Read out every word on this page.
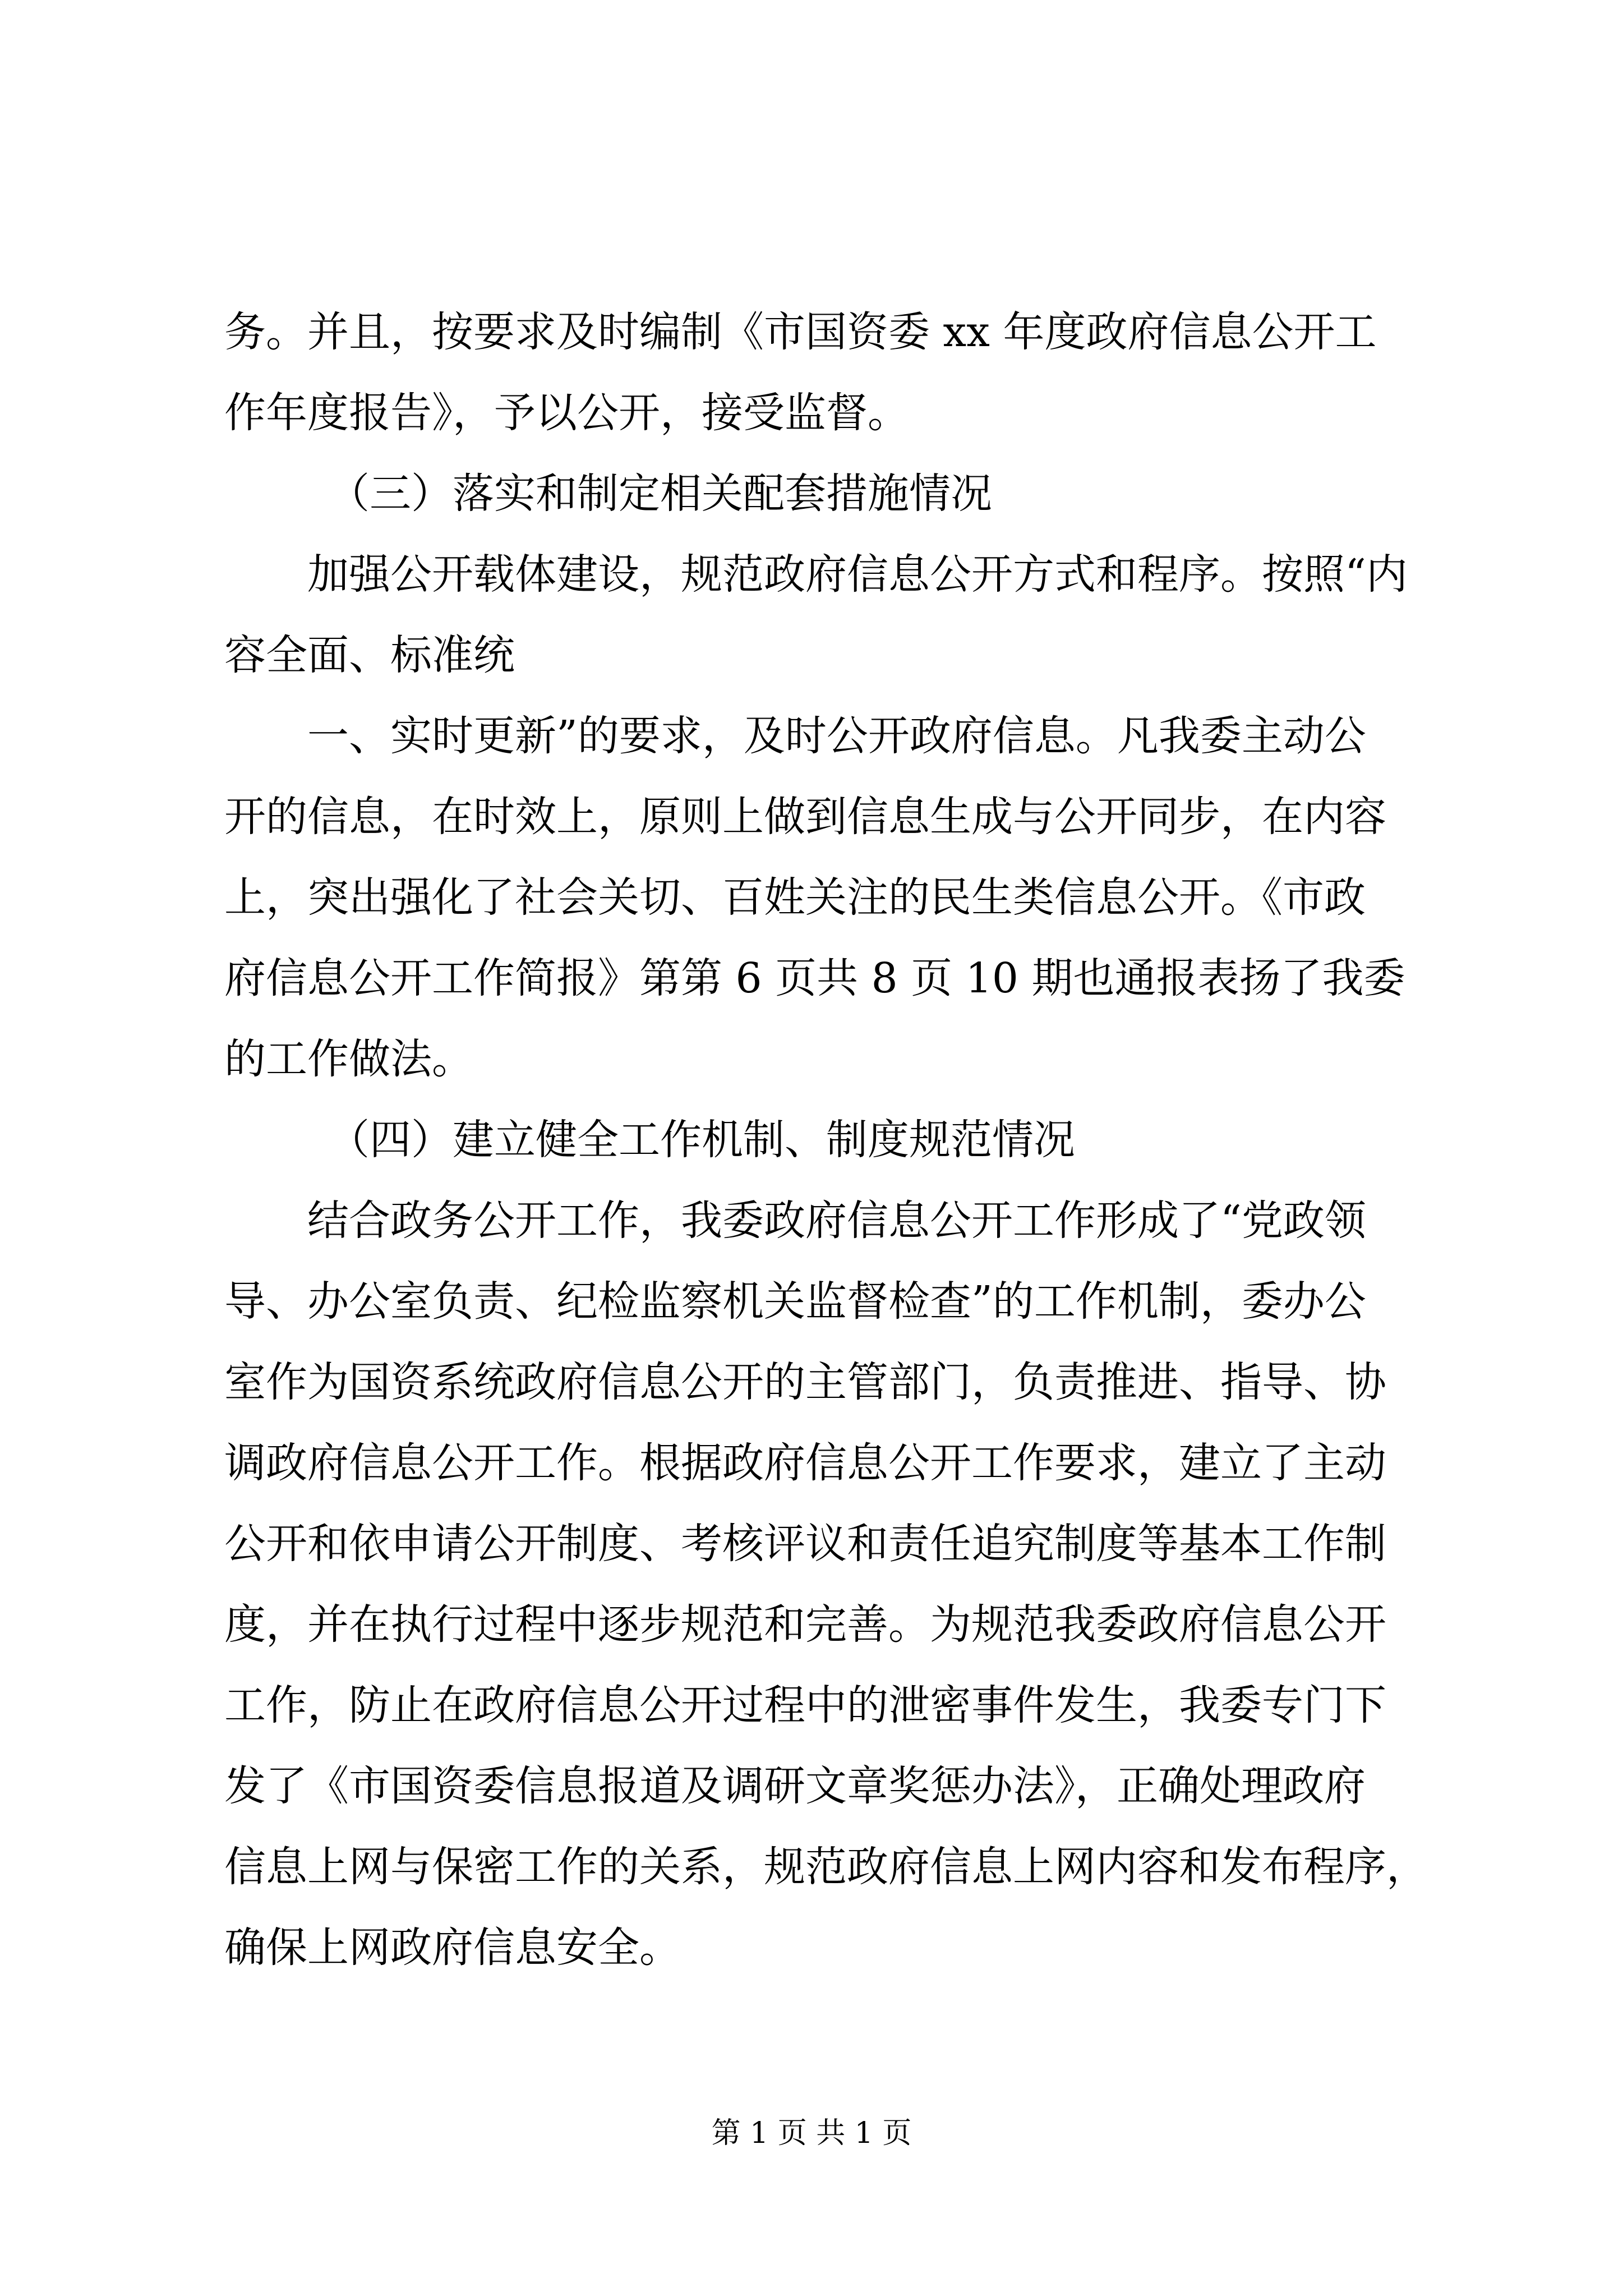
务。并且，按要求及时编制《市国资委 xx 年度政府信息公开工
作年度报告》，予以公开，接受监督。
（三）落实和制定相关配套措施情况
加强公开载体建设，规范政府信息公开方式和程序。按照“内
容全面、标准统
一、实时更新”的要求，及时公开政府信息。凡我委主动公
开的信息，在时效上，原则上做到信息生成与公开同步，在内容
上，突出强化了社会关切、百姓关注的民生类信息公开。《市政
府信息公开工作简报》第第 6 页共 8 页 10 期也通报表扬了我委
的工作做法。
（四）建立健全工作机制、制度规范情况
结合政务公开工作，我委政府信息公开工作形成了“党政领
导、办公室负责、纪检监察机关监督检查”的工作机制，委办公
室作为国资系统政府信息公开的主管部门，负责推进、指导、协
调政府信息公开工作。根据政府信息公开工作要求，建立了主动
公开和依申请公开制度、考核评议和责任追究制度等基本工作制
度，并在执行过程中逐步规范和完善。为规范我委政府信息公开
工作，防止在政府信息公开过程中的泄密事件发生，我委专门下
发了《市国资委信息报道及调研文章奖惩办法》，正确处理政府
信息上网与保密工作的关系，规范政府信息上网内容和发布程序，
确保上网政府信息安全。
第 1 页 共 1 页
